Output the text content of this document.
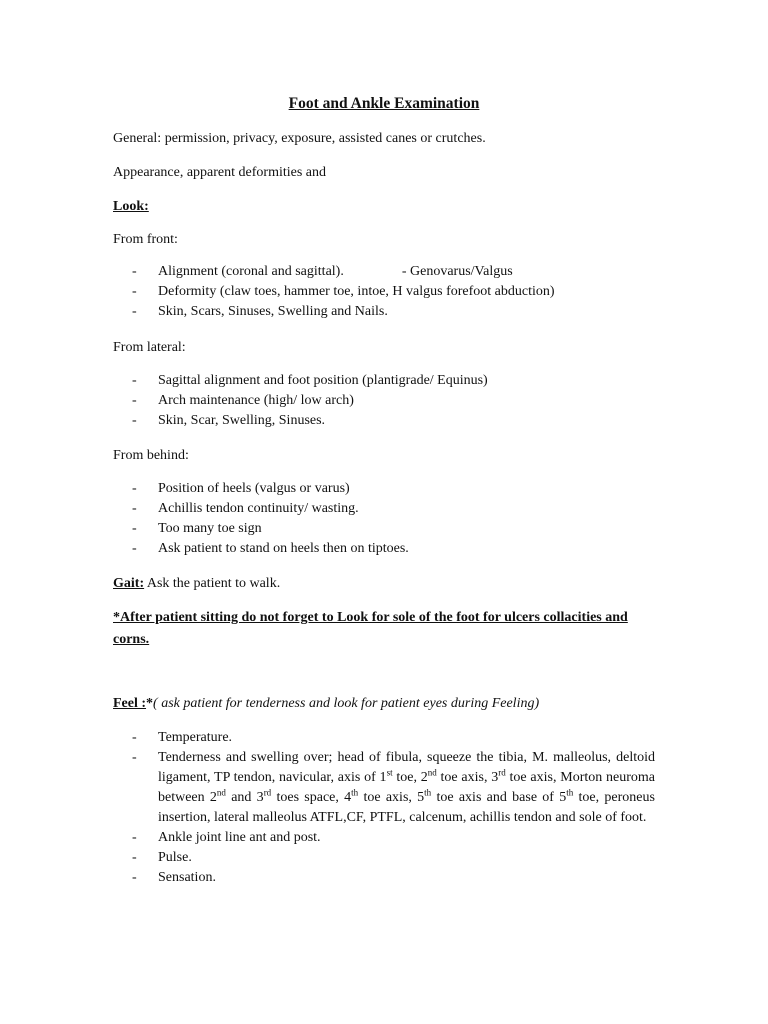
Foot and Ankle Examination
General: permission, privacy, exposure, assisted canes or crutches.
Appearance, apparent deformities and
Look:
From front:
- Alignment (coronal and sagittal).	- Genovarus/Valgus
- Deformity (claw toes, hammer toe, intoe, H valgus forefoot abduction)
- Skin, Scars, Sinuses, Swelling and Nails.
From lateral:
- Sagittal alignment and foot position (plantigrade/ Equinus)
- Arch maintenance (high/ low arch)
- Skin, Scar, Swelling, Sinuses.
From behind:
- Position of heels (valgus or varus)
- Achillis tendon continuity/ wasting.
- Too many toe sign
- Ask patient to stand on heels then on tiptoes.
Gait: Ask the patient to walk.
*After patient sitting do not forget to Look for sole of the foot for ulcers collacities and corns.
Feel :*( ask patient for tenderness and look for patient eyes during Feeling)
- Temperature.
- Tenderness and swelling over; head of fibula, squeeze the tibia, M. malleolus, deltoid ligament, TP tendon, navicular, axis of 1st toe, 2nd toe axis, 3rd toe axis, Morton neuroma between 2nd and 3rd toes space, 4th toe axis, 5th toe axis and base of 5th toe, peroneus insertion, lateral malleolus ATFL,CF, PTFL, calcenum, achillis tendon and sole of foot.
- Ankle joint line ant and post.
- Pulse.
- Sensation.
